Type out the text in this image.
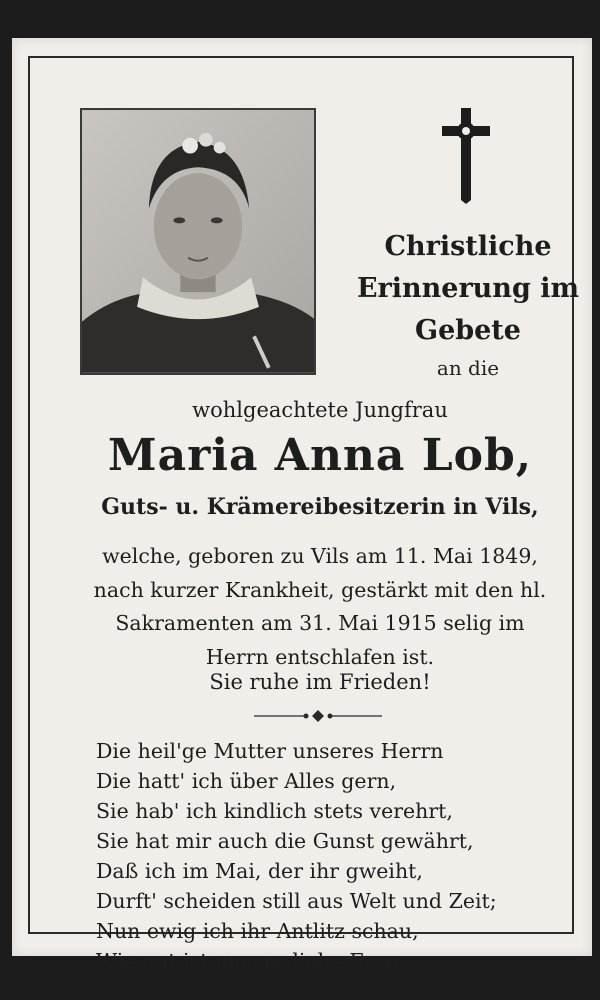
Christliche
Erinnerung im
Gebete
an die
wohlgeachtete Jungfrau
Maria Anna Lob,
Guts- u. Krämereibesitzerin in Vils,
welche, geboren zu Vils am 11. Mai 1849,
nach kurzer Krankheit, gestärkt mit den hl.
Sakramenten am 31. Mai 1915 selig im
Herrn entschlafen ist.
Sie ruhe im Frieden!
Die heil'ge Mutter unseres Herrn
Die hatt' ich über Alles gern,
Sie hab' ich kindlich stets verehrt,
Sie hat mir auch die Gunst gewährt,
Daß ich im Mai, der ihr gweiht,
Durft' scheiden still aus Welt und Zeit;
Nun ewig ich ihr Antlitz schau,
Wie gut ist unsere liebe Frau.
